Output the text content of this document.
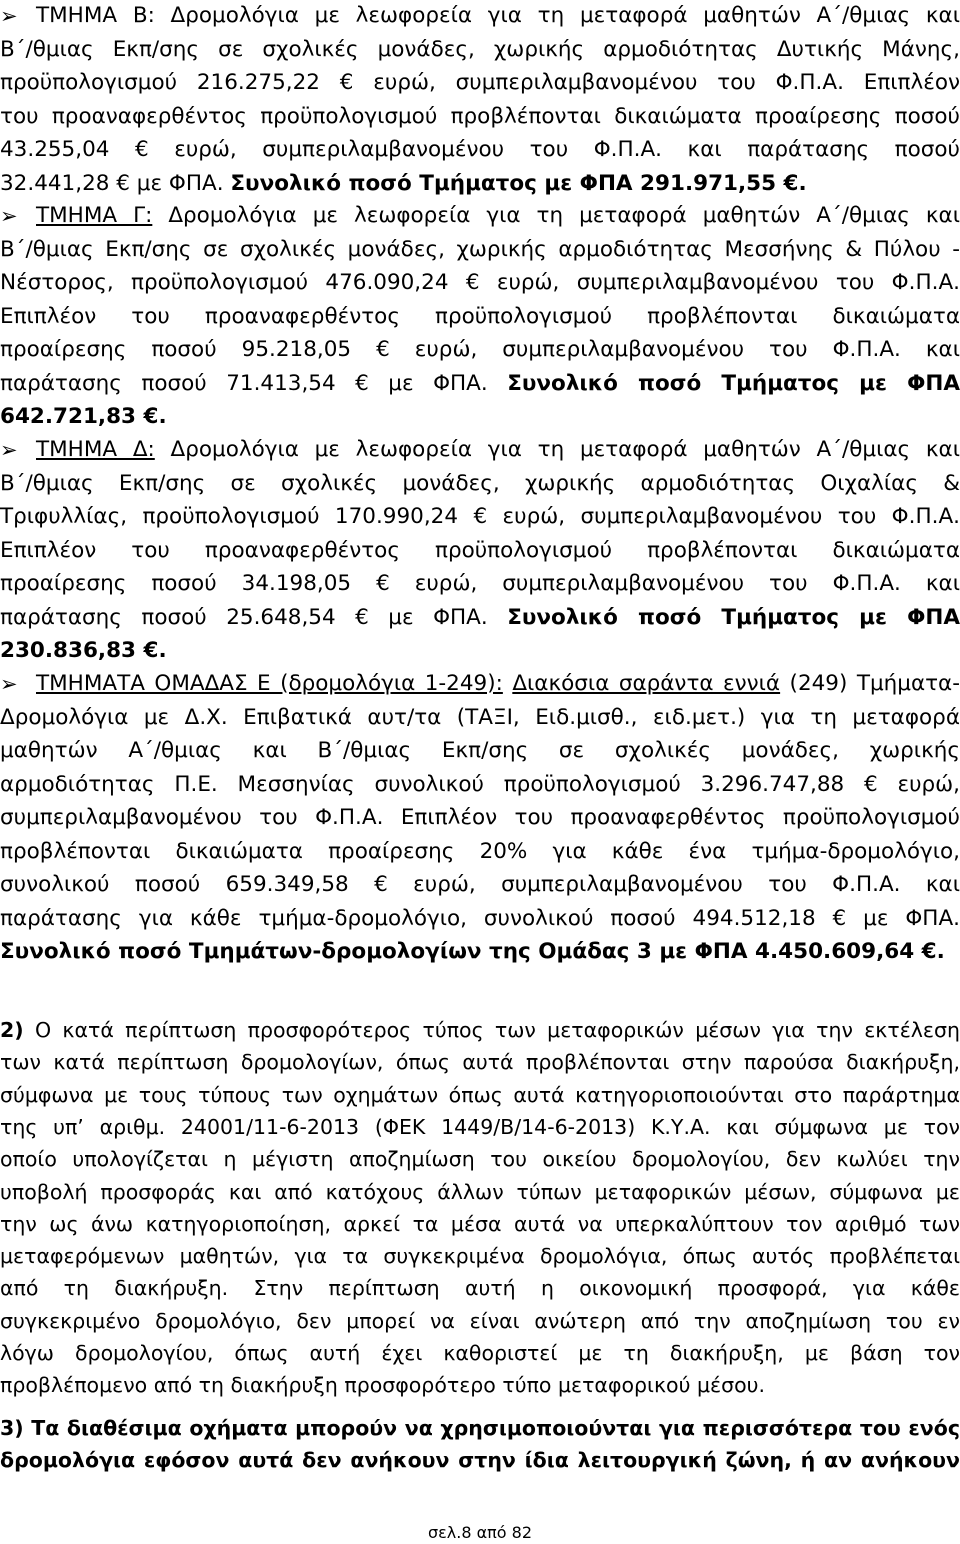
➢ ΤΜΗΜΑ Β: Δρομολόγια με λεωφορεία για τη μεταφορά μαθητών Α΄/θμιας και
Β΄/θμιας Εκπ/σης σε σχολικές μονάδες, χωρικής αρμοδιότητας Δυτικής Μάνης,
προϋπολογισμού 216.275,22 € ευρώ, συμπεριλαμβανομένου του Φ.Π.Α. Επιπλέον
του προαναφερθέντος προϋπολογισμού προβλέπονται δικαιώματα προαίρεσης ποσού
43.255,04 € ευρώ, συμπεριλαμβανομένου του Φ.Π.Α. και παράτασης ποσού
32.441,28 € με ΦΠΑ. Συνολικό ποσό Τμήματος με ΦΠΑ 291.971,55 €.
➢ ΤΜΗΜΑ Γ: Δρομολόγια με λεωφορεία για τη μεταφορά μαθητών Α΄/θμιας και
Β΄/θμιας Εκπ/σης σε σχολικές μονάδες, χωρικής αρμοδιότητας Μεσσήνης & Πύλου -
Νέστορος, προϋπολογισμού 476.090,24 € ευρώ, συμπεριλαμβανομένου του Φ.Π.Α.
Επιπλέον του προαναφερθέντος προϋπολογισμού προβλέπονται δικαιώματα
προαίρεσης ποσού 95.218,05 € ευρώ, συμπεριλαμβανομένου του Φ.Π.Α. και
παράτασης ποσού 71.413,54 € με ΦΠΑ. Συνολικό ποσό Τμήματος με ΦΠΑ
642.721,83 €.
➢ ΤΜΗΜΑ Δ: Δρομολόγια με λεωφορεία για τη μεταφορά μαθητών Α΄/θμιας και
Β΄/θμιας Εκπ/σης σε σχολικές μονάδες, χωρικής αρμοδιότητας Οιχαλίας &
Τριφυλλίας, προϋπολογισμού 170.990,24 € ευρώ, συμπεριλαμβανομένου του Φ.Π.Α.
Επιπλέον του προαναφερθέντος προϋπολογισμού προβλέπονται δικαιώματα
προαίρεσης ποσού 34.198,05 € ευρώ, συμπεριλαμβανομένου του Φ.Π.Α. και
παράτασης ποσού 25.648,54 € με ΦΠΑ. Συνολικό ποσό Τμήματος με ΦΠΑ
230.836,83 €.
➢ ΤΜΗΜΑΤΑ ΟΜΑΔΑΣ Ε (δρομολόγια 1-249): Διακόσια σαράντα εννιά (249) Τμήματα-
Δρομολόγια με Δ.Χ. Επιβατικά αυτ/τα (ΤΑΞΙ, Ειδ.μισθ., ειδ.μετ.) για τη μεταφορά
μαθητών Α΄/θμιας και Β΄/θμιας Εκπ/σης σε σχολικές μονάδες, χωρικής
αρμοδιότητας Π.Ε. Μεσσηνίας συνολικού προϋπολογισμού 3.296.747,88 € ευρώ,
συμπεριλαμβανομένου του Φ.Π.Α. Επιπλέον του προαναφερθέντος προϋπολογισμού
προβλέπονται δικαιώματα προαίρεσης 20% για κάθε ένα τμήμα-δρομολόγιο,
συνολικού ποσού 659.349,58 € ευρώ, συμπεριλαμβανομένου του Φ.Π.Α. και
παράτασης για κάθε τμήμα-δρομολόγιο, συνολικού ποσού 494.512,18 € με ΦΠΑ.
Συνολικό ποσό Τμημάτων-δρομολογίων της Ομάδας 3 με ΦΠΑ 4.450.609,64 €.
2) Ο κατά περίπτωση προσφορότερος τύπος των μεταφορικών μέσων για την εκτέλεση
των κατά περίπτωση δρομολογίων, όπως αυτά προβλέπονται στην παρούσα διακήρυξη,
σύμφωνα με τους τύπους των οχημάτων όπως αυτά κατηγοριοποιούνται στο παράρτημα
της υπ’ αριθμ. 24001/11-6-2013 (ΦΕΚ 1449/Β/14-6-2013) Κ.Υ.Α. και σύμφωνα με τον
οποίο υπολογίζεται η μέγιστη αποζημίωση του οικείου δρομολογίου, δεν κωλύει την
υποβολή προσφοράς και από κατόχους άλλων τύπων μεταφορικών μέσων, σύμφωνα με
την ως άνω κατηγοριοποίηση, αρκεί τα μέσα αυτά να υπερκαλύπτουν τον αριθμό των
μεταφερόμενων μαθητών, για τα συγκεκριμένα δρομολόγια, όπως αυτός προβλέπεται
από τη διακήρυξη. Στην περίπτωση αυτή η οικονομική προσφορά, για κάθε
συγκεκριμένο δρομολόγιο, δεν μπορεί να είναι ανώτερη από την αποζημίωση του εν
λόγω δρομολογίου, όπως αυτή έχει καθοριστεί με τη διακήρυξη, με βάση τον
προβλέπομενο από τη διακήρυξη προσφορότερο τύπο μεταφορικού μέσου.
3) Τα διαθέσιμα οχήματα μπορούν να χρησιμοποιούνται για περισσότερα του ενός
δρομολόγια εφόσον αυτά δεν ανήκουν στην ίδια λειτουργική ζώνη, ή αν ανήκουν
σελ.8 από 82
